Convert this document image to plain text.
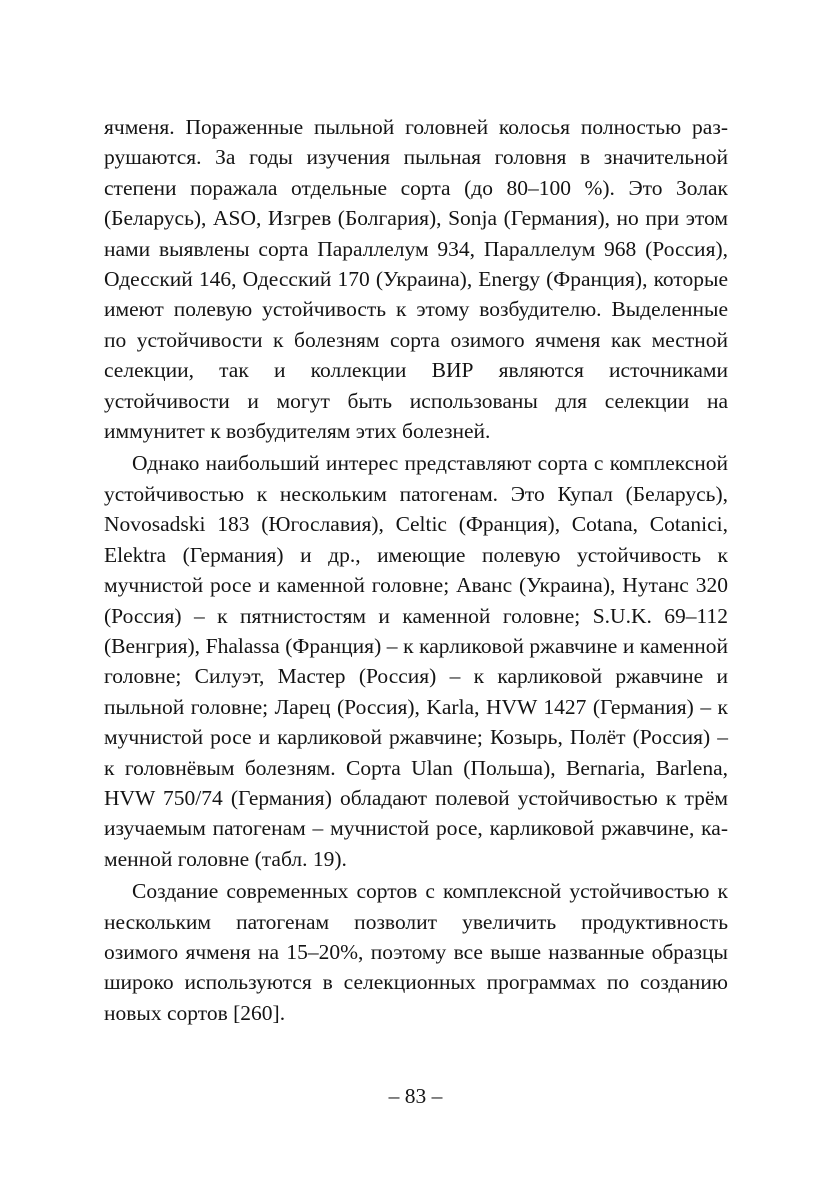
ячменя. Пораженные пыльной головней колосья полностью разрушаются. За годы изучения пыльная головня в значительной степени поражала отдельные сорта (до 80–100 %). Это Золак (Беларусь), ASO, Изгрев (Болгария), Sonja (Германия), но при этом нами выявлены сорта Параллелум 934, Параллелум 968 (Россия), Одесский 146, Одесский 170 (Украина), Energy (Франция), которые имеют полевую устойчивость к этому возбудителю. Выделенные по устойчивости к болезням сорта озимого ячменя как местной селекции, так и коллекции ВИР являются источниками устойчивости и могут быть использованы для селекции на иммунитет к возбудителям этих болезней.

Однако наибольший интерес представляют сорта с комплексной устойчивостью к нескольким патогенам. Это Купал (Беларусь), Novosadski 183 (Югославия), Celtic (Франция), Cotana, Cotanici, Elektra (Германия) и др., имеющие полевую устойчивость к мучнистой росе и каменной головне; Аванс (Украина), Нутанс 320 (Россия) – к пятнистостям и каменной головне; S.U.K. 69–112 (Венгрия), Fhalassa (Франция) – к карликовой ржавчине и каменной головне; Силуэт, Мастер (Россия) – к карликовой ржавчине и пыльной головне; Ларец (Россия), Karla, HVW 1427 (Германия) – к мучнистой росе и карликовой ржавчине; Козырь, Полёт (Россия) – к головнёвым болезням. Сорта Ulan (Польша), Bernaria, Barlena, HVW 750/74 (Германия) обладают полевой устойчивостью к трём изучаемым патогенам – мучнистой росе, карликовой ржавчине, каменной головне (табл. 19).

Создание современных сортов с комплексной устойчивостью к нескольким патогенам позволит увеличить продуктивность озимого ячменя на 15–20%, поэтому все выше названные образцы широко используются в селекционных программах по созданию новых сортов [260].

– 83 –
